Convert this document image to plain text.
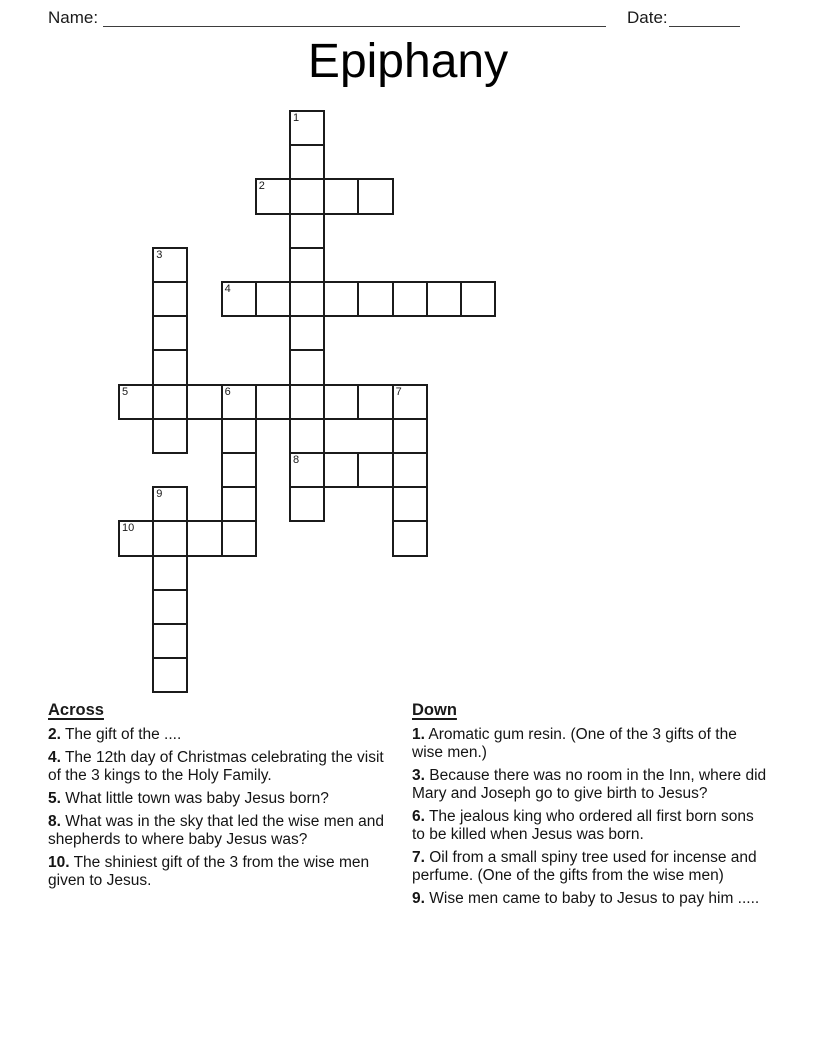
Name:	Date:
Epiphany
1
2
3
4
5	6	7
8
9
10
Across

2. The gift of the ....

4. The 12th day of Christmas celebrating the visit of the 3 kings to the Holy Family.

5. What little town was baby Jesus born?

8. What was in the sky that led the wise men and shepherds to where baby Jesus was?

10. The shiniest gift of the 3 from the wise men given to Jesus.

Down

1. Aromatic gum resin. (One of the 3 gifts of the wise men.)

3. Because there was no room in the Inn, where did Mary and Joseph go to give birth to Jesus?

6. The jealous king who ordered all first born sons to be killed when Jesus was born.

7. Oil from a small spiny tree used for incense and perfume. (One of the gifts from the wise men)

9. Wise men came to baby to Jesus to pay him .....
